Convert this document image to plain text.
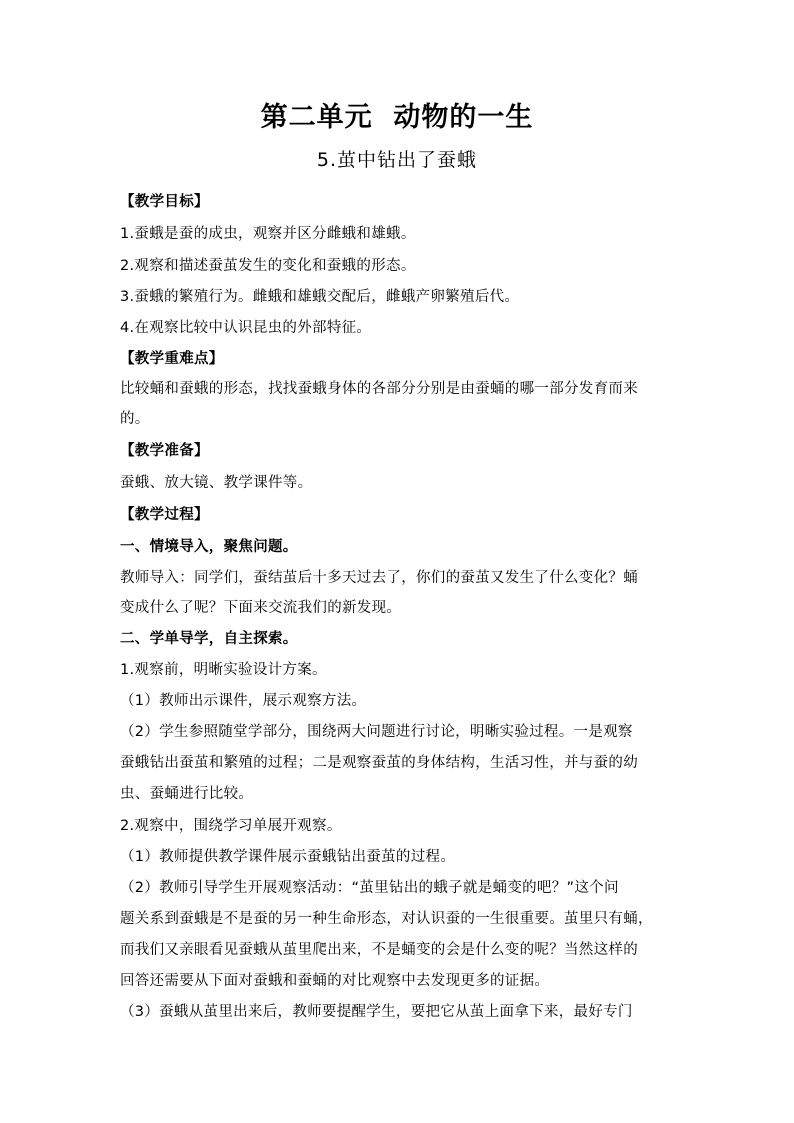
第二单元  动物的一生
5.茧中钻出了蚕蛾
【教学目标】
1.蚕蛾是蚕的成虫，观察并区分雌蛾和雄蛾。
2.观察和描述蚕茧发生的变化和蚕蛾的形态。
3.蚕蛾的繁殖行为。雌蛾和雄蛾交配后，雌蛾产卵繁殖后代。
4.在观察比较中认识昆虫的外部特征。
【教学重难点】
比较蛹和蚕蛾的形态，找找蚕蛾身体的各部分分别是由蚕蛹的哪一部分发育而来
的。
【教学准备】
蚕蛾、放大镜、教学课件等。
【教学过程】
一、情境导入，聚焦问题。
教师导入：同学们，蚕结茧后十多天过去了，你们的蚕茧又发生了什么变化？蛹
变成什么了呢？下面来交流我们的新发现。
二、学单导学，自主探索。
1.观察前，明晰实验设计方案。
（1）教师出示课件，展示观察方法。
（2）学生参照随堂学部分，围绕两大问题进行讨论，明晰实验过程。一是观察
蚕蛾钻出蚕茧和繁殖的过程；二是观察蚕茧的身体结构，生活习性，并与蚕的幼
虫、蚕蛹进行比较。
2.观察中，围绕学习单展开观察。
（1）教师提供教学课件展示蚕蛾钻出蚕茧的过程。
（2）教师引导学生开展观察活动：“茧里钻出的蛾子就是蛹变的吧？”这个问
题关系到蚕蛾是不是蚕的另一种生命形态，对认识蚕的一生很重要。茧里只有蛹，
而我们又亲眼看见蚕蛾从茧里爬出来，不是蛹变的会是什么变的呢？当然这样的
回答还需要从下面对蚕蛾和蚕蛹的对比观察中去发现更多的证据。
（3）蚕蛾从茧里出来后，教师要提醒学生，要把它从茧上面拿下来，最好专门
